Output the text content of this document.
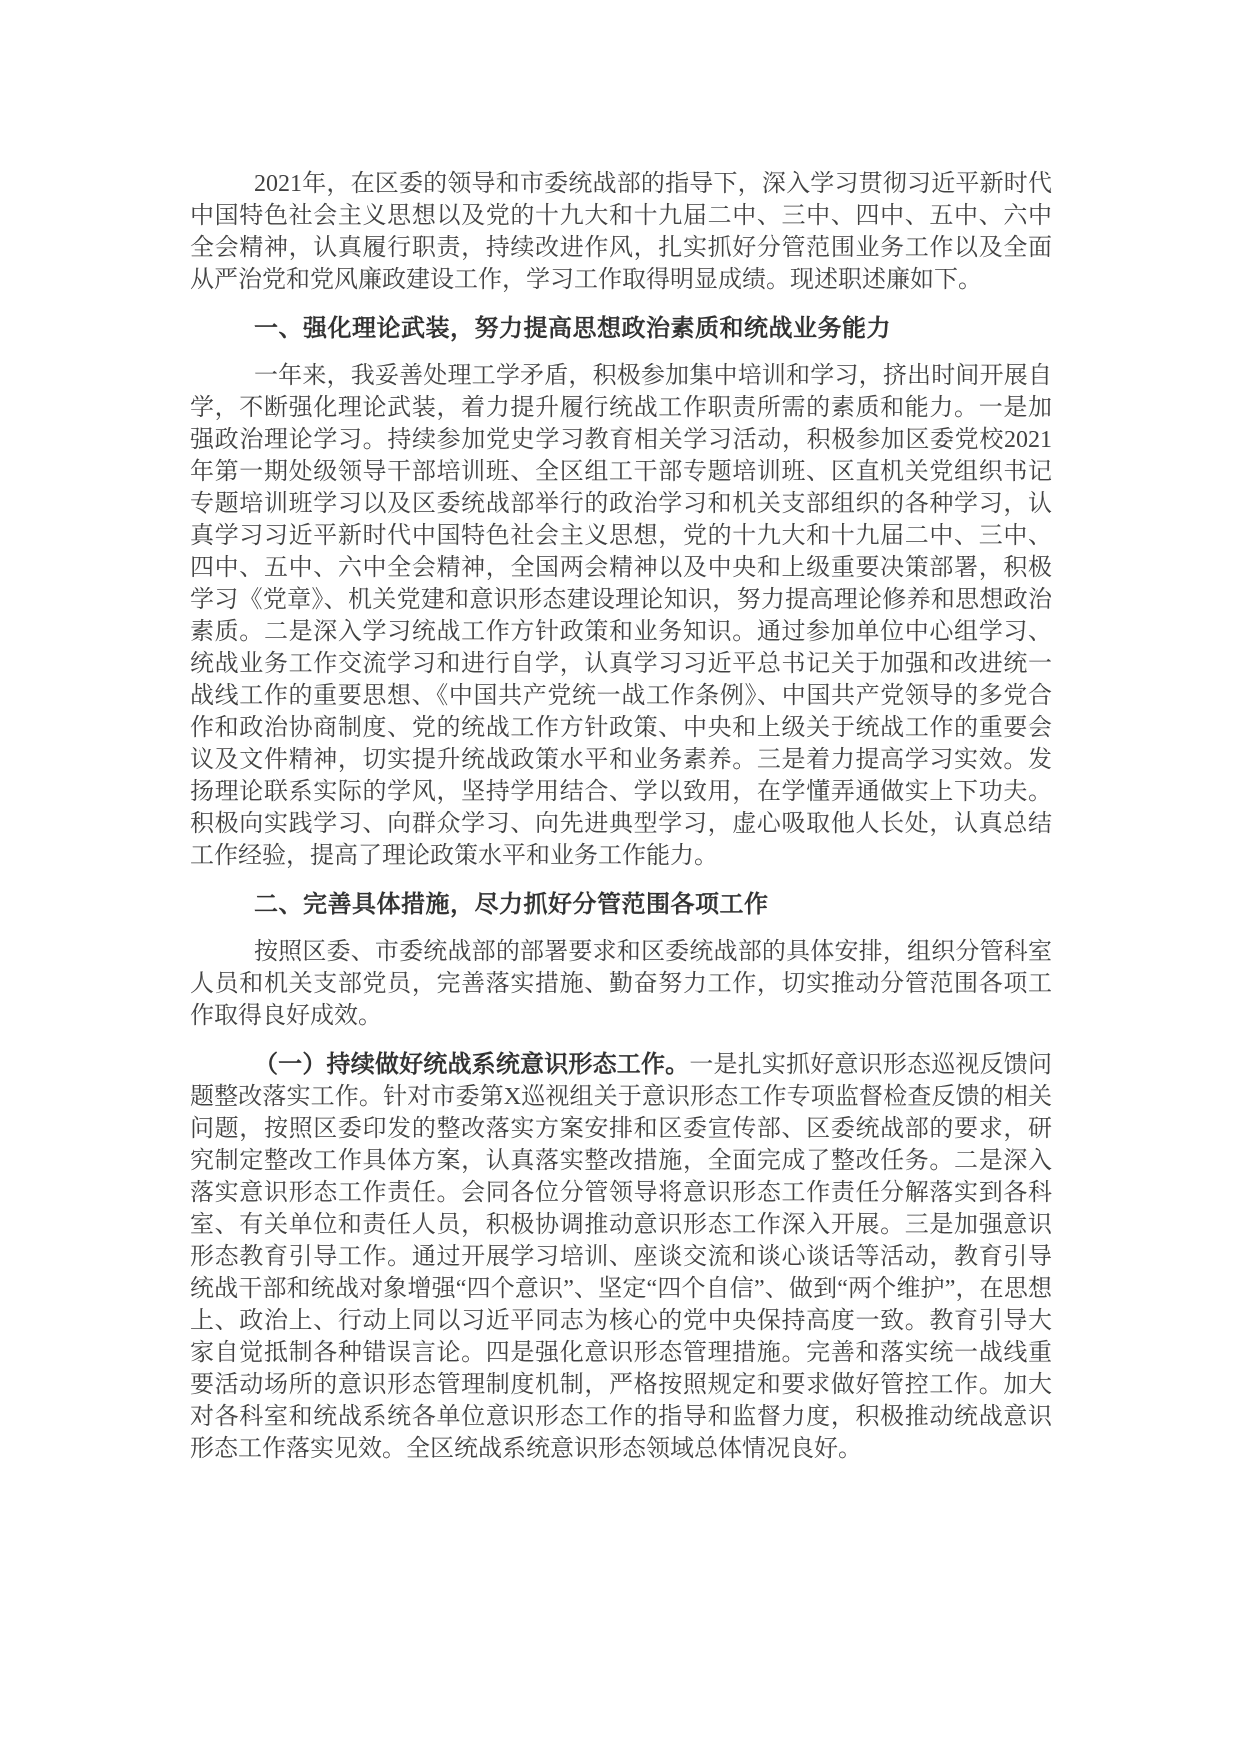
2021年，在区委的领导和市委统战部的指导下，深入学习贯彻习近平新时代中国特色社会主义思想以及党的十九大和十九届二中、三中、四中、五中、六中全会精神，认真履行职责，持续改进作风，扎实抓好分管范围业务工作以及全面从严治党和党风廉政建设工作，学习工作取得明显成绩。现述职述廉如下。

一、强化理论武装，努力提高思想政治素质和统战业务能力

一年来，我妥善处理工学矛盾，积极参加集中培训和学习，挤出时间开展自学，不断强化理论武装，着力提升履行统战工作职责所需的素质和能力。一是加强政治理论学习。持续参加党史学习教育相关学习活动，积极参加区委党校2021年第一期处级领导干部培训班、全区组工干部专题培训班、区直机关党组织书记专题培训班学习以及区委统战部举行的政治学习和机关支部组织的各种学习，认真学习习近平新时代中国特色社会主义思想，党的十九大和十九届二中、三中、四中、五中、六中全会精神，全国两会精神以及中央和上级重要决策部署，积极学习《党章》、机关党建和意识形态建设理论知识，努力提高理论修养和思想政治素质。二是深入学习统战工作方针政策和业务知识。通过参加单位中心组学习、统战业务工作交流学习和进行自学，认真学习习近平总书记关于加强和改进统一战线工作的重要思想、《中国共产党统一战工作条例》、中国共产党领导的多党合作和政治协商制度、党的统战工作方针政策、中央和上级关于统战工作的重要会议及文件精神，切实提升统战政策水平和业务素养。三是着力提高学习实效。发扬理论联系实际的学风，坚持学用结合、学以致用，在学懂弄通做实上下功夫。积极向实践学习、向群众学习、向先进典型学习，虚心吸取他人长处，认真总结工作经验，提高了理论政策水平和业务工作能力。

二、完善具体措施，尽力抓好分管范围各项工作

按照区委、市委统战部的部署要求和区委统战部的具体安排，组织分管科室人员和机关支部党员，完善落实措施、勤奋努力工作，切实推动分管范围各项工作取得良好成效。

（一）持续做好统战系统意识形态工作。一是扎实抓好意识形态巡视反馈问题整改落实工作。针对市委第X巡视组关于意识形态工作专项监督检查反馈的相关问题，按照区委印发的整改落实方案安排和区委宣传部、区委统战部的要求，研究制定整改工作具体方案，认真落实整改措施，全面完成了整改任务。二是深入落实意识形态工作责任。会同各位分管领导将意识形态工作责任分解落实到各科室、有关单位和责任人员，积极协调推动意识形态工作深入开展。三是加强意识形态教育引导工作。通过开展学习培训、座谈交流和谈心谈话等活动，教育引导统战干部和统战对象增强“四个意识”、坚定“四个自信”、做到“两个维护”，在思想上、政治上、行动上同以习近平同志为核心的党中央保持高度一致。教育引导大家自觉抵制各种错误言论。四是强化意识形态管理措施。完善和落实统一战线重要活动场所的意识形态管理制度机制，严格按照规定和要求做好管控工作。加大对各科室和统战系统各单位意识形态工作的指导和监督力度，积极推动统战意识形态工作落实见效。全区统战系统意识形态领域总体情况良好。
